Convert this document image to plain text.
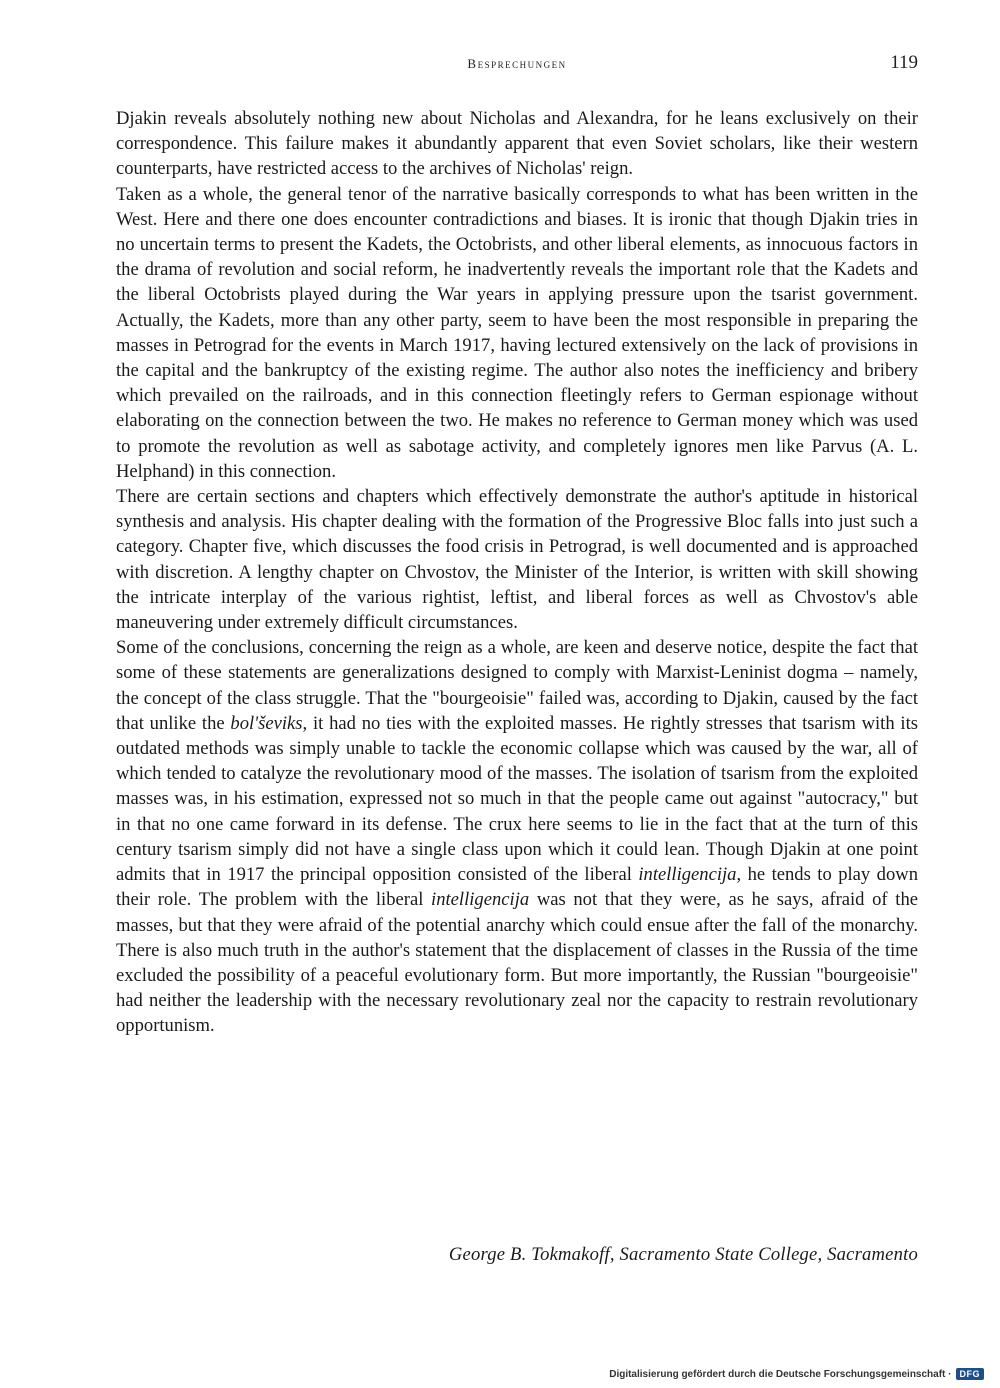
Besprechungen	119

Djakin reveals absolutely nothing new about Nicholas and Alexandra, for he leans exclusively on their correspondence. This failure makes it abundantly apparent that even Soviet scholars, like their western counterparts, have restricted access to the archives of Nicholas' reign.

Taken as a whole, the general tenor of the narrative basically corresponds to what has been written in the West. Here and there one does encounter contradictions and biases. It is ironic that though Djakin tries in no uncertain terms to present the Kadets, the Octobrists, and other liberal elements, as innocuous factors in the drama of revolution and social reform, he inadvertently reveals the important role that the Kadets and the liberal Octobrists played during the War years in applying pressure upon the tsarist government. Actually, the Kadets, more than any other party, seem to have been the most responsible in preparing the masses in Petrograd for the events in March 1917, having lectured extensively on the lack of provisions in the capital and the bankruptcy of the existing regime. The author also notes the inefficiency and bribery which prevailed on the railroads, and in this connection fleetingly refers to German espionage without elaborating on the connection between the two. He makes no reference to German money which was used to promote the revolution as well as sabotage activity, and completely ignores men like Parvus (A. L. Helphand) in this connection.

There are certain sections and chapters which effectively demonstrate the author's aptitude in historical synthesis and analysis. His chapter dealing with the formation of the Progressive Bloc falls into just such a category. Chapter five, which discusses the food crisis in Petrograd, is well documented and is approached with discretion. A lengthy chapter on Chvostov, the Minister of the Interior, is written with skill showing the intricate interplay of the various rightist, leftist, and liberal forces as well as Chvostov's able maneuvering under extremely difficult circumstances.

Some of the conclusions, concerning the reign as a whole, are keen and deserve notice, despite the fact that some of these statements are generalizations designed to comply with Marxist-Leninist dogma – namely, the concept of the class struggle. That the "bourgeoisie" failed was, according to Djakin, caused by the fact that unlike the bol'ševiks, it had no ties with the exploited masses. He rightly stresses that tsarism with its outdated methods was simply unable to tackle the economic collapse which was caused by the war, all of which tended to catalyze the revolutionary mood of the masses. The isolation of tsarism from the exploited masses was, in his estimation, expressed not so much in that the people came out against "autocracy," but in that no one came forward in its defense. The crux here seems to lie in the fact that at the turn of this century tsarism simply did not have a single class upon which it could lean. Though Djakin at one point admits that in 1917 the principal opposition consisted of the liberal intelligencija, he tends to play down their role. The problem with the liberal intelligencija was not that they were, as he says, afraid of the masses, but that they were afraid of the potential anarchy which could ensue after the fall of the monarchy. There is also much truth in the author's statement that the displacement of classes in the Russia of the time excluded the possibility of a peaceful evolutionary form. But more importantly, the Russian "bourgeoisie" had neither the leadership with the necessary revolutionary zeal nor the capacity to restrain revolutionary opportunism.

George B. Tokmakoff, Sacramento State College, Sacramento
Digitalisierung gefördert durch die Deutsche Forschungsgemeinschaft · DFG
